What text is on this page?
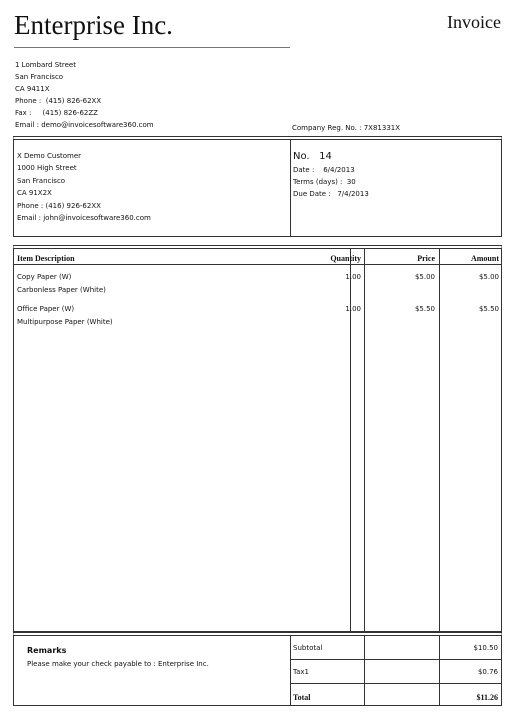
Enterprise Inc.	Invoice
1 Lombard Street
San Francisco
CA 9411X
Phone :  (415) 826-62XX
Fax :     (415) 826-62ZZ
Email : demo@invoicesoftware360.com	Company Reg. No. : 7X81331X
X Demo Customer
1000 High Street
San Francisco
CA 91X2X
Phone : (416) 926-62XX
Email : john@invoicesoftware360.com
No. 14
Date :    6/4/2013
Terms (days) :  30
Due Date :   7/4/2013
Item Description	Quantity	Price	Amount
Copy Paper (W)
Carbonless Paper (White)
1.00	$5.00	$5.00
Office Paper (W)
Multipurpose Paper (White)
1.00	$5.50	$5.50
Remarks
Please make your check payable to : Enterprise Inc.
Subtotal	$10.50
Tax1	$0.76
Total	$11.26
